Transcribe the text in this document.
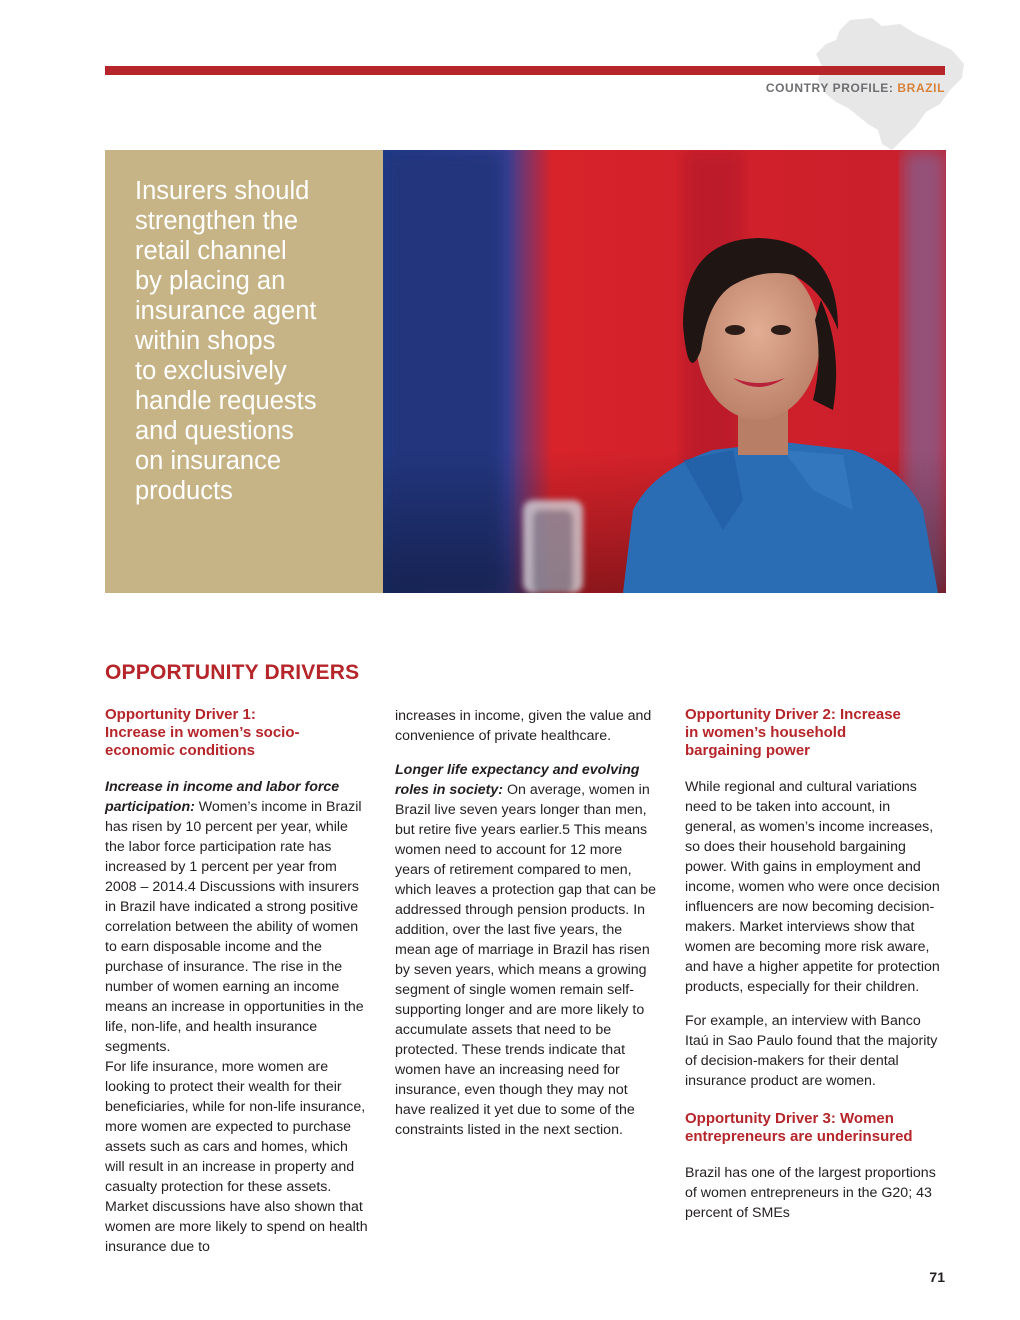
COUNTRY PROFILE: BRAZIL

Insurers should
strengthen the
retail channel
by placing an
insurance agent
within shops
to exclusively
handle requests
and questions
on insurance
products

OPPORTUNITY DRIVERS

Opportunity Driver 1:
Increase in women’s socio-
economic conditions

Increase in income and labor force participation: Women’s income in Brazil has risen by 10 percent per year, while the labor force participation rate has increased by 1 percent per year from 2008 – 2014.4 Discussions with insurers in Brazil have indicated a strong positive correlation between the ability of women to earn disposable income and the purchase of insurance. The rise in the number of women earning an income means an increase in opportunities in the life, non-life, and health insurance segments.

For life insurance, more women are looking to protect their wealth for their beneficiaries, while for non-life insurance, more women are expected to purchase assets such as cars and homes, which will result in an increase in property and casualty protection for these assets. Market discussions have also shown that women are more likely to spend on health insurance due to

increases in income, given the value and convenience of private healthcare.

Longer life expectancy and evolving roles in society: On average, women in Brazil live seven years longer than men, but retire five years earlier.5 This means women need to account for 12 more years of retirement compared to men, which leaves a protection gap that can be addressed through pension products. In addition, over the last five years, the mean age of marriage in Brazil has risen by seven years, which means a growing segment of single women remain self-supporting longer and are more likely to accumulate assets that need to be protected. These trends indicate that women have an increasing need for insurance, even though they may not have realized it yet due to some of the constraints listed in the next section.

Opportunity Driver 2: Increase
in women’s household
bargaining power

While regional and cultural variations need to be taken into account, in general, as women’s income increases, so does their household bargaining power. With gains in employment and income, women who were once decision influencers are now becoming decision-makers. Market interviews show that women are becoming more risk aware, and have a higher appetite for protection products, especially for their children.

For example, an interview with Banco Itaú in Sao Paulo found that the majority of decision-makers for their dental insurance product are women.

Opportunity Driver 3: Women
entrepreneurs are underinsured

Brazil has one of the largest proportions of women entrepreneurs in the G20; 43 percent of SMEs

71
